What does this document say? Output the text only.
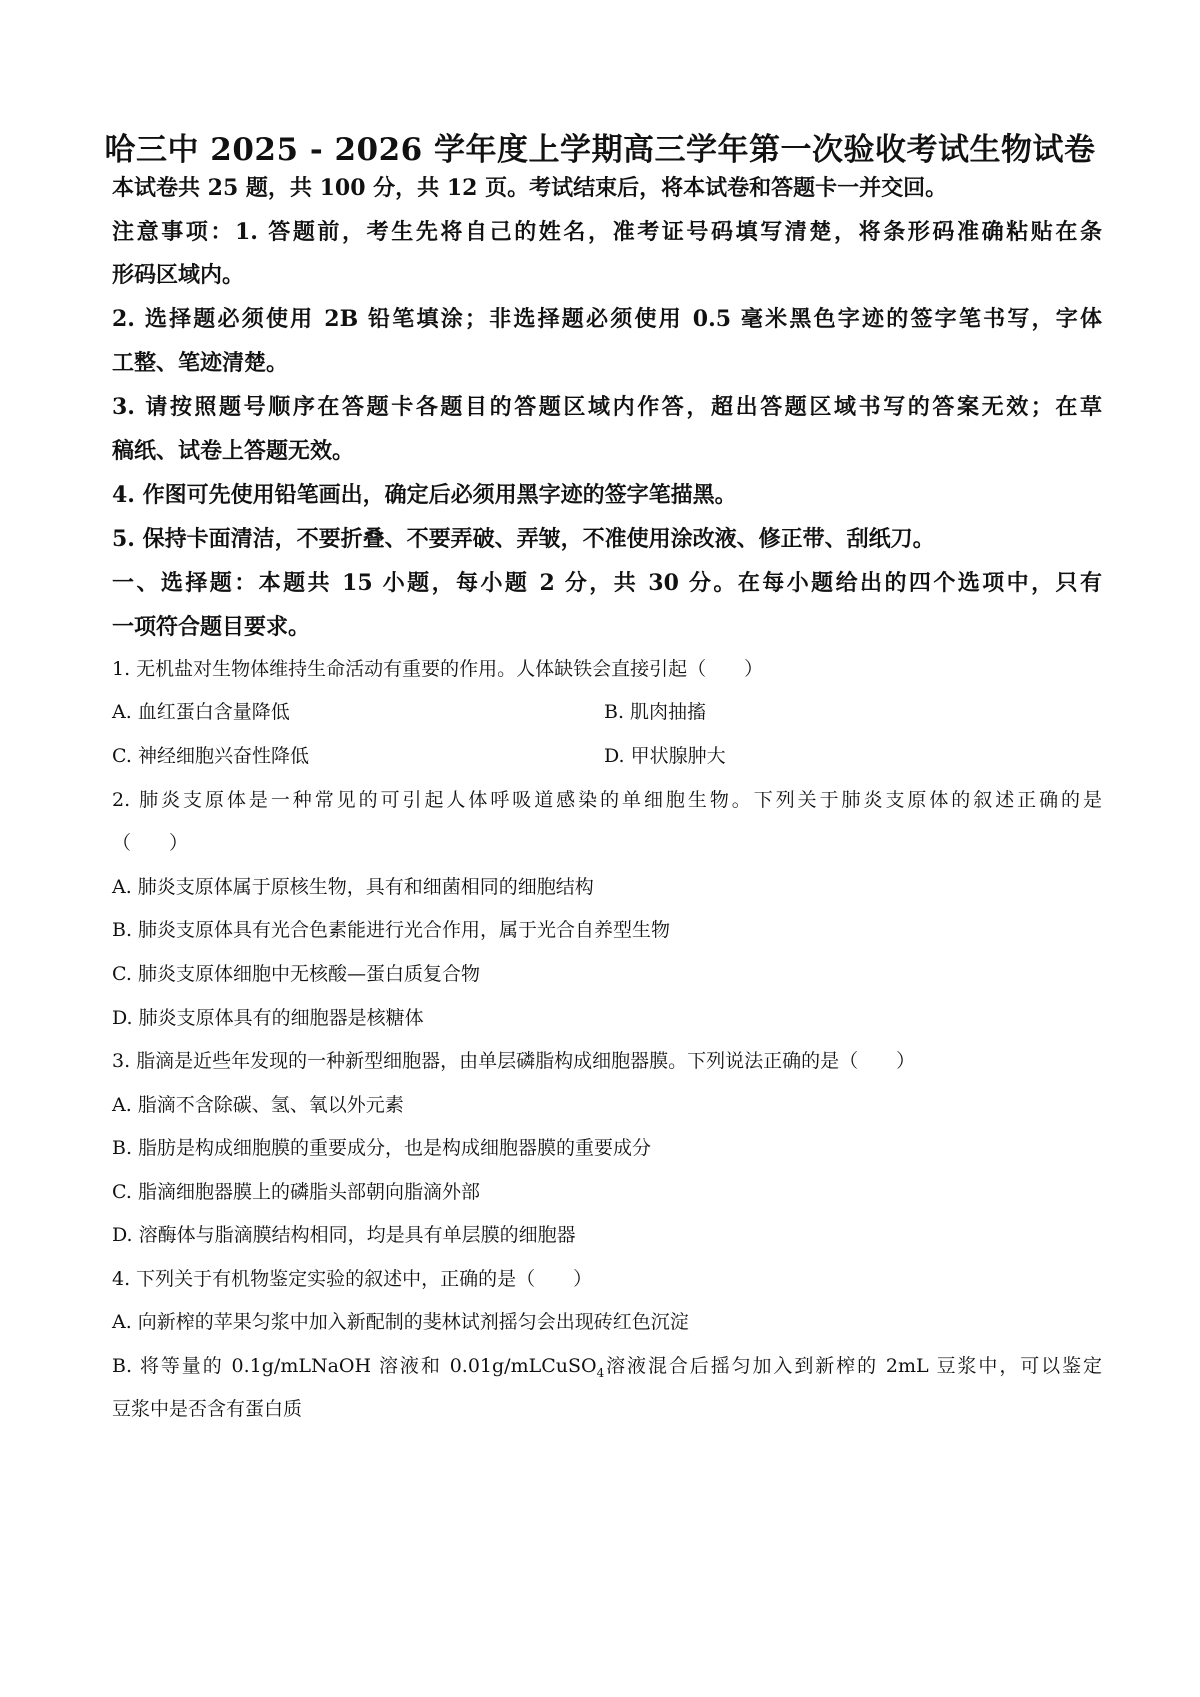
哈三中 2025 - 2026 学年度上学期高三学年第一次验收考试生物试卷
本试卷共 25 题，共 100 分，共 12 页。考试结束后，将本试卷和答题卡一并交回。
注意事项：1. 答题前，考生先将自己的姓名，准考证号码填写清楚，将条形码准确粘贴在条
形码区域内。
2. 选择题必须使用 2B 铅笔填涂；非选择题必须使用 0.5 毫米黑色字迹的签字笔书写，字体
工整、笔迹清楚。
3. 请按照题号顺序在答题卡各题目的答题区域内作答，超出答题区域书写的答案无效；在草
稿纸、试卷上答题无效。
4. 作图可先使用铅笔画出，确定后必须用黑字迹的签字笔描黑。
5. 保持卡面清洁，不要折叠、不要弄破、弄皱，不准使用涂改液、修正带、刮纸刀。
一、选择题：本题共 15 小题，每小题 2 分，共 30 分。在每小题给出的四个选项中，只有
一项符合题目要求。
1. 无机盐对生物体维持生命活动有重要的作用。人体缺铁会直接引起（　　）
A. 血红蛋白含量降低	B. 肌肉抽搐
C. 神经细胞兴奋性降低	D. 甲状腺肿大
2. 肺炎支原体是一种常见的可引起人体呼吸道感染的单细胞生物。下列关于肺炎支原体的叙述正确的是
（　　）
A. 肺炎支原体属于原核生物，具有和细菌相同的细胞结构
B. 肺炎支原体具有光合色素能进行光合作用，属于光合自养型生物
C. 肺炎支原体细胞中无核酸—蛋白质复合物
D. 肺炎支原体具有的细胞器是核糖体
3. 脂滴是近些年发现的一种新型细胞器，由单层磷脂构成细胞器膜。下列说法正确的是（　　）
A. 脂滴不含除碳、氢、氧以外元素
B. 脂肪是构成细胞膜的重要成分，也是构成细胞器膜的重要成分
C. 脂滴细胞器膜上的磷脂头部朝向脂滴外部
D. 溶酶体与脂滴膜结构相同，均是具有单层膜的细胞器
4. 下列关于有机物鉴定实验的叙述中，正确的是（　　）
A. 向新榨的苹果匀浆中加入新配制的斐林试剂摇匀会出现砖红色沉淀
B. 将等量的 0.1g/mLNaOH 溶液和 0.01g/mLCuSO$_4$溶液混合后摇匀加入到新榨的 2mL 豆浆中，可以鉴定
豆浆中是否含有蛋白质
